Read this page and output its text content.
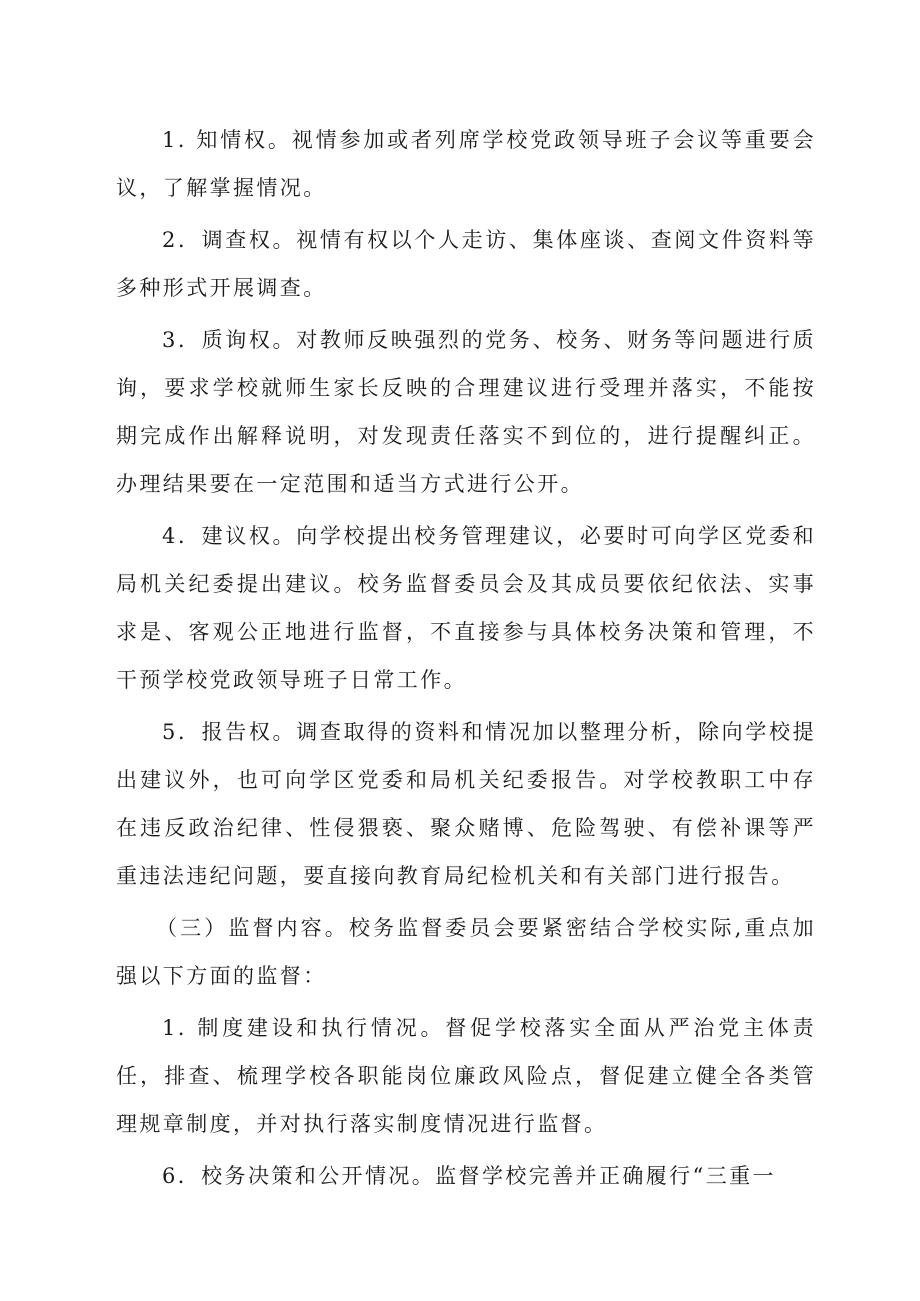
1. 知情权。视情参加或者列席学校党政领导班子会议等重要会议，了解掌握情况。

2．调查权。视情有权以个人走访、集体座谈、查阅文件资料等多种形式开展调查。

3．质询权。对教师反映强烈的党务、校务、财务等问题进行质询，要求学校就师生家长反映的合理建议进行受理并落实，不能按期完成作出解释说明，对发现责任落实不到位的，进行提醒纠正。办理结果要在一定范围和适当方式进行公开。

4．建议权。向学校提出校务管理建议，必要时可向学区党委和局机关纪委提出建议。校务监督委员会及其成员要依纪依法、实事求是、客观公正地进行监督，不直接参与具体校务决策和管理，不干预学校党政领导班子日常工作。

5．报告权。调查取得的资料和情况加以整理分析，除向学校提出建议外，也可向学区党委和局机关纪委报告。对学校教职工中存在违反政治纪律、性侵猥亵、聚众赌博、危险驾驶、有偿补课等严重违法违纪问题，要直接向教育局纪检机关和有关部门进行报告。

（三）监督内容。校务监督委员会要紧密结合学校实际,重点加强以下方面的监督：

1. 制度建设和执行情况。督促学校落实全面从严治党主体责任，排查、梳理学校各职能岗位廉政风险点，督促建立健全各类管理规章制度，并对执行落实制度情况进行监督。

6．校务决策和公开情况。监督学校完善并正确履行“三重一
